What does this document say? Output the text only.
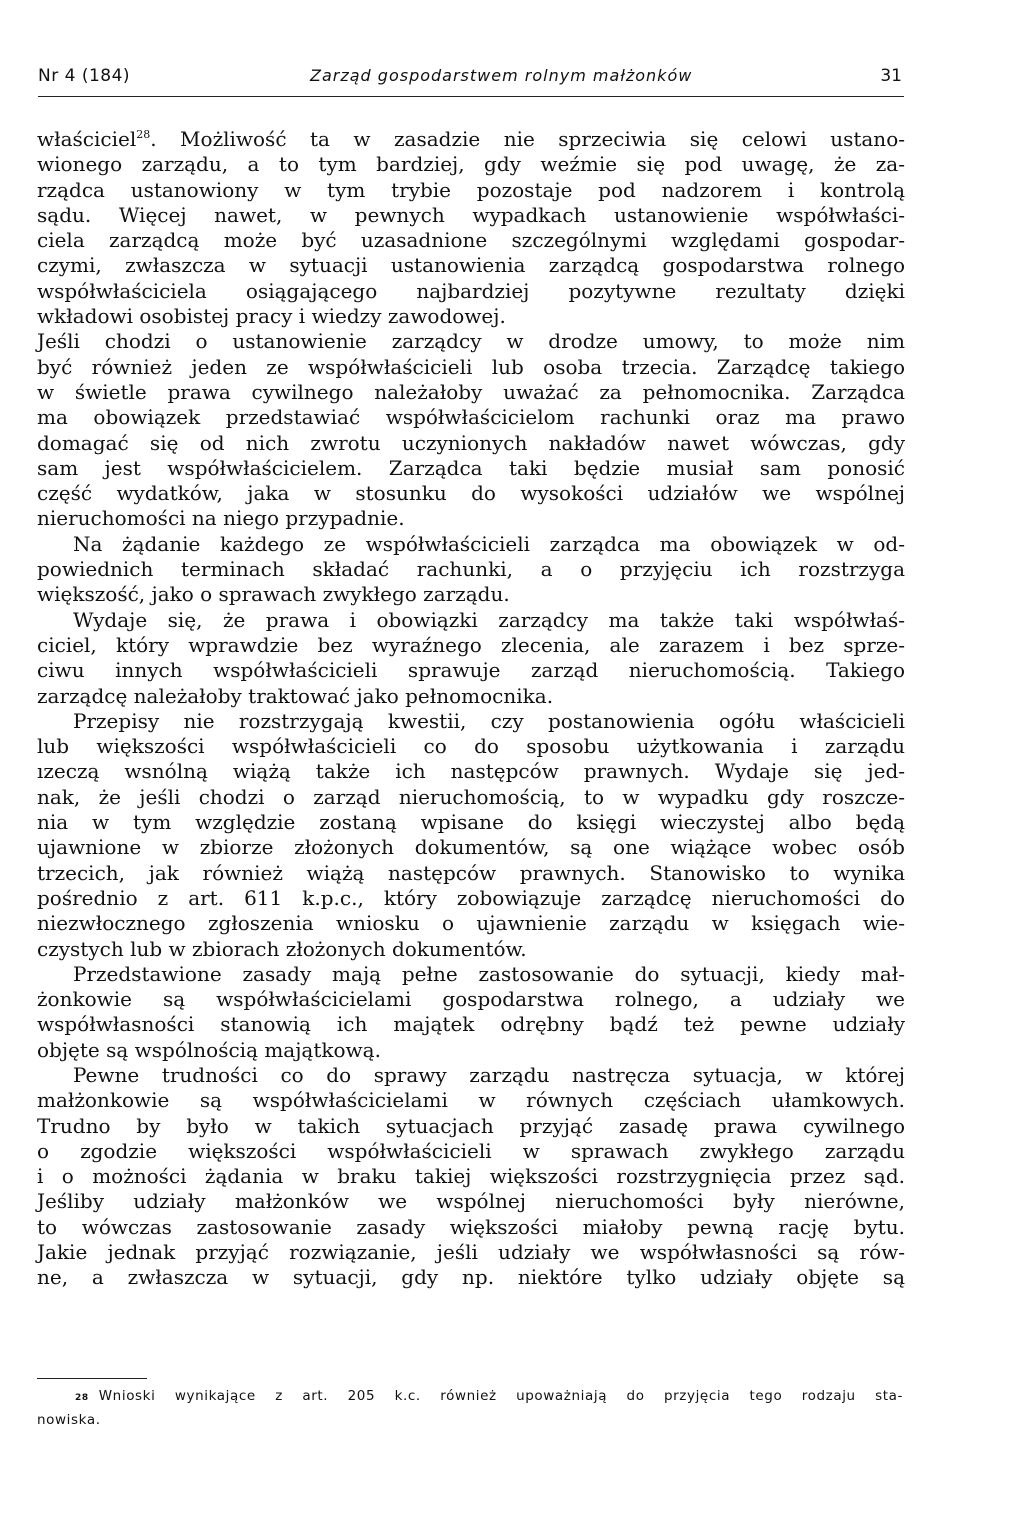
Nr 4 (184)	Zarząd gospodarstwem rolnym małżonków	31
właściciel$^{28}$. Możliwość ta w zasadzie nie sprzeciwia się celowi ustano-
wionego zarządu, a to tym bardziej, gdy weźmie się pod uwagę, że za-
rządca ustanowiony w tym trybie pozostaje pod nadzorem i kontrolą
sądu. Więcej nawet, w pewnych wypadkach ustanowienie współwłaści-
ciela zarządcą może być uzasadnione szczególnymi względami gospodar-
czymi, zwłaszcza w sytuacji ustanowienia zarządcą gospodarstwa rolnego
współwłaściciela osiągającego najbardziej pozytywne rezultaty dzięki
wkładowi osobistej pracy i wiedzy zawodowej.
Jeśli chodzi o ustanowienie zarządcy w drodze umowy, to może nim
być również jeden ze współwłaścicieli lub osoba trzecia. Zarządcę takiego
w świetle prawa cywilnego należałoby uważać za pełnomocnika. Zarządca
ma obowiązek przedstawiać współwłaścicielom rachunki oraz ma prawo
domagać się od nich zwrotu uczynionych nakładów nawet wówczas, gdy
sam jest współwłaścicielem. Zarządca taki będzie musiał sam ponosić
część wydatków, jaka w stosunku do wysokości udziałów we wspólnej
nieruchomości na niego przypadnie.
Na żądanie każdego ze współwłaścicieli zarządca ma obowiązek w od-
powiednich terminach składać rachunki, a o przyjęciu ich rozstrzyga
większość, jako o sprawach zwykłego zarządu.
Wydaje się, że prawa i obowiązki zarządcy ma także taki współwłaś-
ciciel, który wprawdzie bez wyraźnego zlecenia, ale zarazem i bez sprze-
ciwu innych współwłaścicieli sprawuje zarząd nieruchomością. Takiego
zarządcę należałoby traktować jako pełnomocnika.
Przepisy nie rozstrzygają kwestii, czy postanowienia ogółu właścicieli
lub większości współwłaścicieli co do sposobu użytkowania i zarządu
ızeczą wsnólną wiążą także ich następców prawnych. Wydaje się jed-
nak, że jeśli chodzi o zarząd nieruchomością, to w wypadku gdy roszcze-
nia w tym względzie zostaną wpisane do księgi wieczystej albo będą
ujawnione w zbiorze złożonych dokumentów, są one wiążące wobec osób
trzecich, jak również wiążą następców prawnych. Stanowisko to wynika
pośrednio z art. 611 k.p.c., który zobowiązuje zarządcę nieruchomości do
niezwłocznego zgłoszenia wniosku o ujawnienie zarządu w księgach wie-
czystych lub w zbiorach złożonych dokumentów.
Przedstawione zasady mają pełne zastosowanie do sytuacji, kiedy mał-
żonkowie są współwłaścicielami gospodarstwa rolnego, a udziały we
współwłasności stanowią ich majątek odrębny bądź też pewne udziały
objęte są wspólnością majątkową.
Pewne trudności co do sprawy zarządu nastręcza sytuacja, w której
małżonkowie są współwłaścicielami w równych częściach ułamkowych.
Trudno by było w takich sytuacjach przyjąć zasadę prawa cywilnego
o zgodzie większości współwłaścicieli w sprawach zwykłego zarządu
i o możności żądania w braku takiej większości rozstrzygnięcia przez sąd.
Jeśliby udziały małżonków we wspólnej nieruchomości były nierówne,
to wówczas zastosowanie zasady większości miałoby pewną rację bytu.
Jakie jednak przyjąć rozwiązanie, jeśli udziały we współwłasności są rów-
ne, a zwłaszcza w sytuacji, gdy np. niektóre tylko udziały objęte są
28 Wnioski wynikające z art. 205 k.c. również upoważniają do przyjęcia tego rodzaju sta-
nowiska.
